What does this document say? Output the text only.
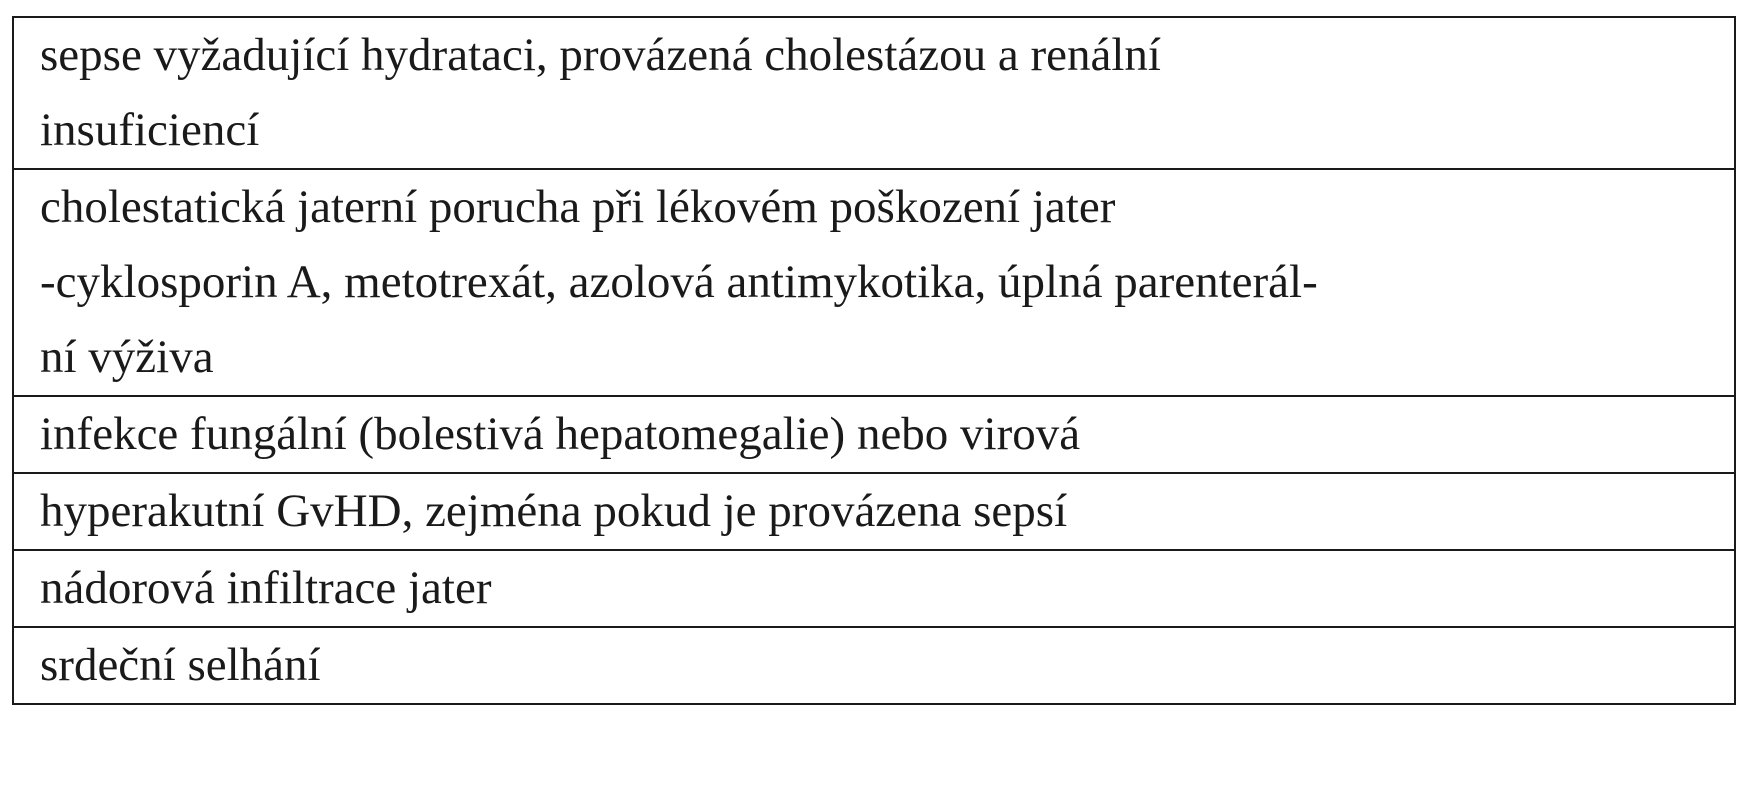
sepse vyžadující hydrataci, provázená cholestázou a renální
insuficiencí

cholestatická jaterní porucha při lékovém poškození jater
-cyklosporin A, metotrexát, azolová antimykotika, úplná parenterál-
ní výživa

infekce fungální (bolestivá hepatomegalie) nebo virová

hyperakutní GvHD, zejména pokud je provázena sepsí

nádorová infiltrace jater

srdeční selhání
